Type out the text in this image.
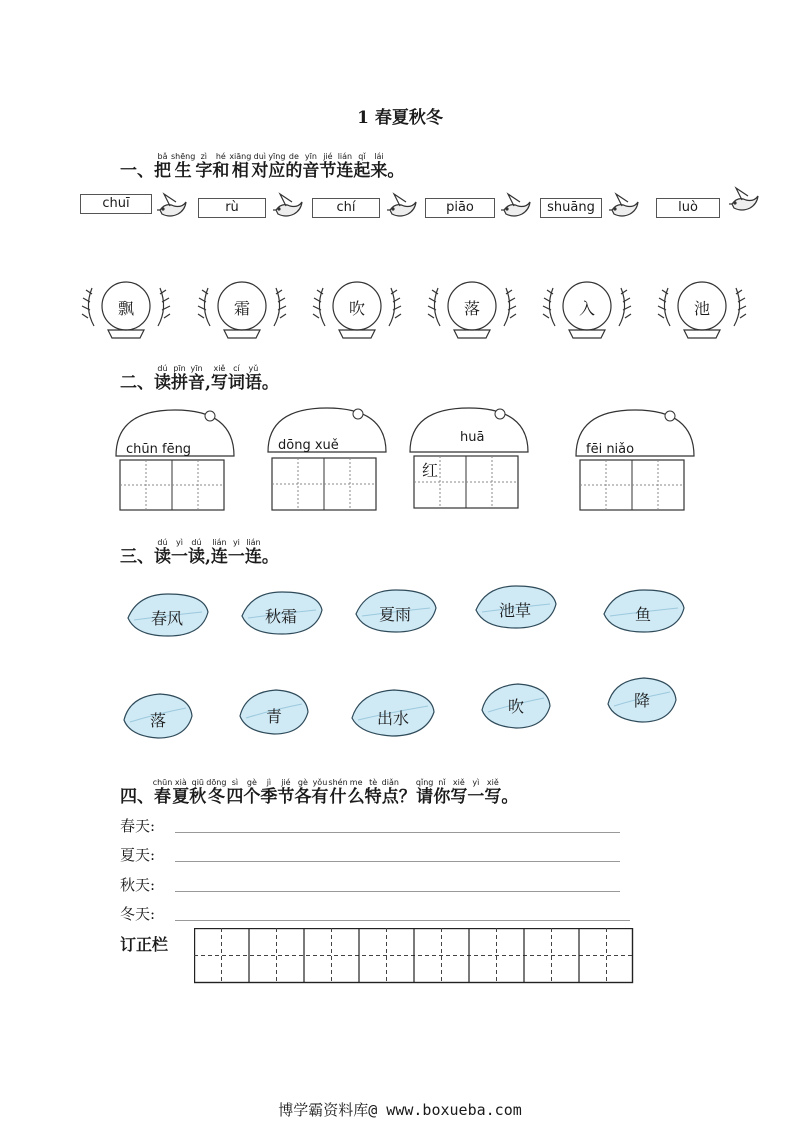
1 春夏秋冬
一、把bǎ生shēng字zì和hé相xiāng对duì应yīng的de音yīn节jié连lián起qǐ来lái。
chuī	rù	chí	piāo	shuāng	luò
飘	霜	吹	落	入	池
二、读dú拼pīn音yīn,写xiě词cí语yǔ。
chūn fēng	dōng xuě
huā
红
fēi niǎo
三、读dú一yì读dú,连lián一yi连lián。
春风	秋霜	夏雨	池草	鱼
落	青	出水
吹	降
四、春chūn夏xià秋qiū冬dōng四sì个gè季jì节jié各gè有yǒu什shén么me特tè点diǎn？请qǐng你nǐ写xiě一yì写xiě。
春天:
夏天:
秋天:
冬天:
订正栏
博学霸资料库@ www.boxueba.com
